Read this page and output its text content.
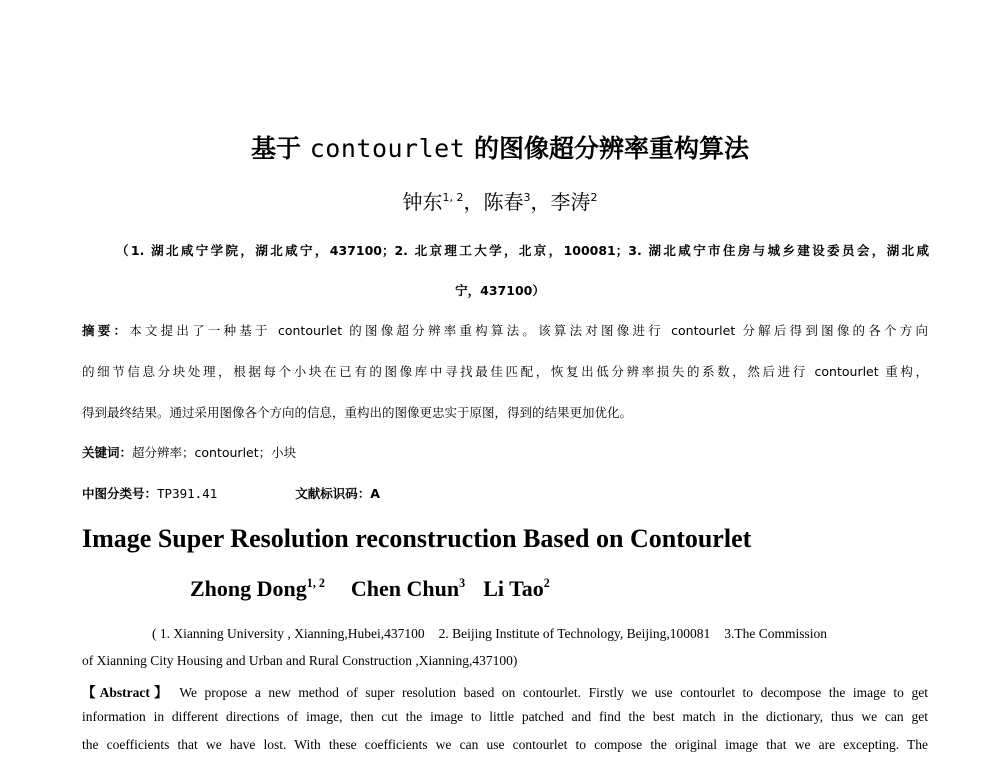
基于 contourlet 的图像超分辨率重构算法
钟东$^{1, 2}$，陈春$^3$，李涛$^2$
（1. 湖北咸宁学院，湖北咸宁，437100；2. 北京理工大学，北京，100081；3. 湖北咸宁市住房与城乡建设委员会，湖北咸
宁，437100）
摘要：本文提出了一种基于 contourlet 的图像超分辨率重构算法。该算法对图像进行 contourlet 分解后得到图像的各个方向
的细节信息分块处理，根据每个小块在已有的图像库中寻找最佳匹配，恢复出低分辨率损失的系数，然后进行 contourlet 重构，
得到最终结果。通过采用图像各个方向的信息，重构出的图像更忠实于原图，得到的结果更加优化。
关键词：超分辨率；contourlet；小块
中图分类号：TP391.41	文献标识码：A
Image Super Resolution reconstruction Based on Contourlet
Zhong Dong$^{1, 2}$ Chen Chun$^3$ Li Tao$^2$
( 1. Xianning University , Xianning,Hubei,437100 2. Beijing Institute of Technology, Beijing,100081 3.The Commission
of Xianning City Housing and Urban and Rural Construction ,Xianning,437100)
【Abstract】 We propose a new method of super resolution based on contourlet. Firstly we use contourlet to decompose the image to get
information in different directions of image, then cut the image to little patched and find the best match in the dictionary, thus we can get
the coefficients that we have lost. With these coefficients we can use contourlet to compose the original image that we are excepting. The
